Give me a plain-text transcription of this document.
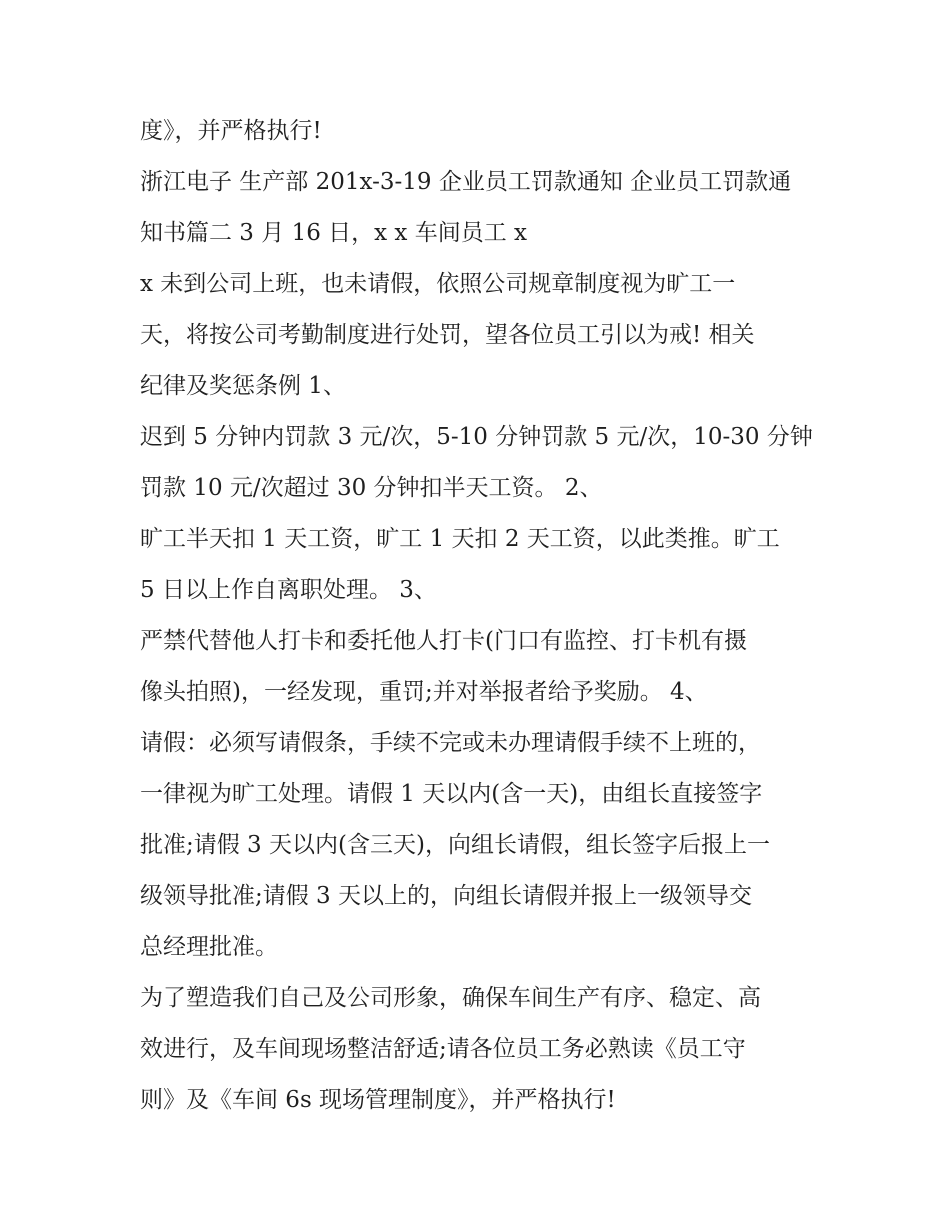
度》，并严格执行!
浙江电子 生产部 201x-3-19 企业员工罚款通知 企业员工罚款通
知书篇二 3 月 16 日，x x 车间员工 x
x 未到公司上班，也未请假，依照公司规章制度视为旷工一
天，将按公司考勤制度进行处罚，望各位员工引以为戒! 相关
纪律及奖惩条例 1、
迟到 5 分钟内罚款 3 元/次，5-10 分钟罚款 5 元/次，10-30 分钟
罚款 10 元/次超过 30 分钟扣半天工资。 2、
旷工半天扣 1 天工资，旷工 1 天扣 2 天工资，以此类推。旷工
5 日以上作自离职处理。 3、
严禁代替他人打卡和委托他人打卡(门口有监控、打卡机有摄
像头拍照)，一经发现，重罚;并对举报者给予奖励。 4、
请假：必须写请假条，手续不完或未办理请假手续不上班的，
一律视为旷工处理。请假 1 天以内(含一天)，由组长直接签字
批准;请假 3 天以内(含三天)，向组长请假，组长签字后报上一
级领导批准;请假 3 天以上的，向组长请假并报上一级领导交
总经理批准。
为了塑造我们自己及公司形象，确保车间生产有序、稳定、高
效进行，及车间现场整洁舒适;请各位员工务必熟读《员工守
则》及《车间 6s 现场管理制度》，并严格执行!
